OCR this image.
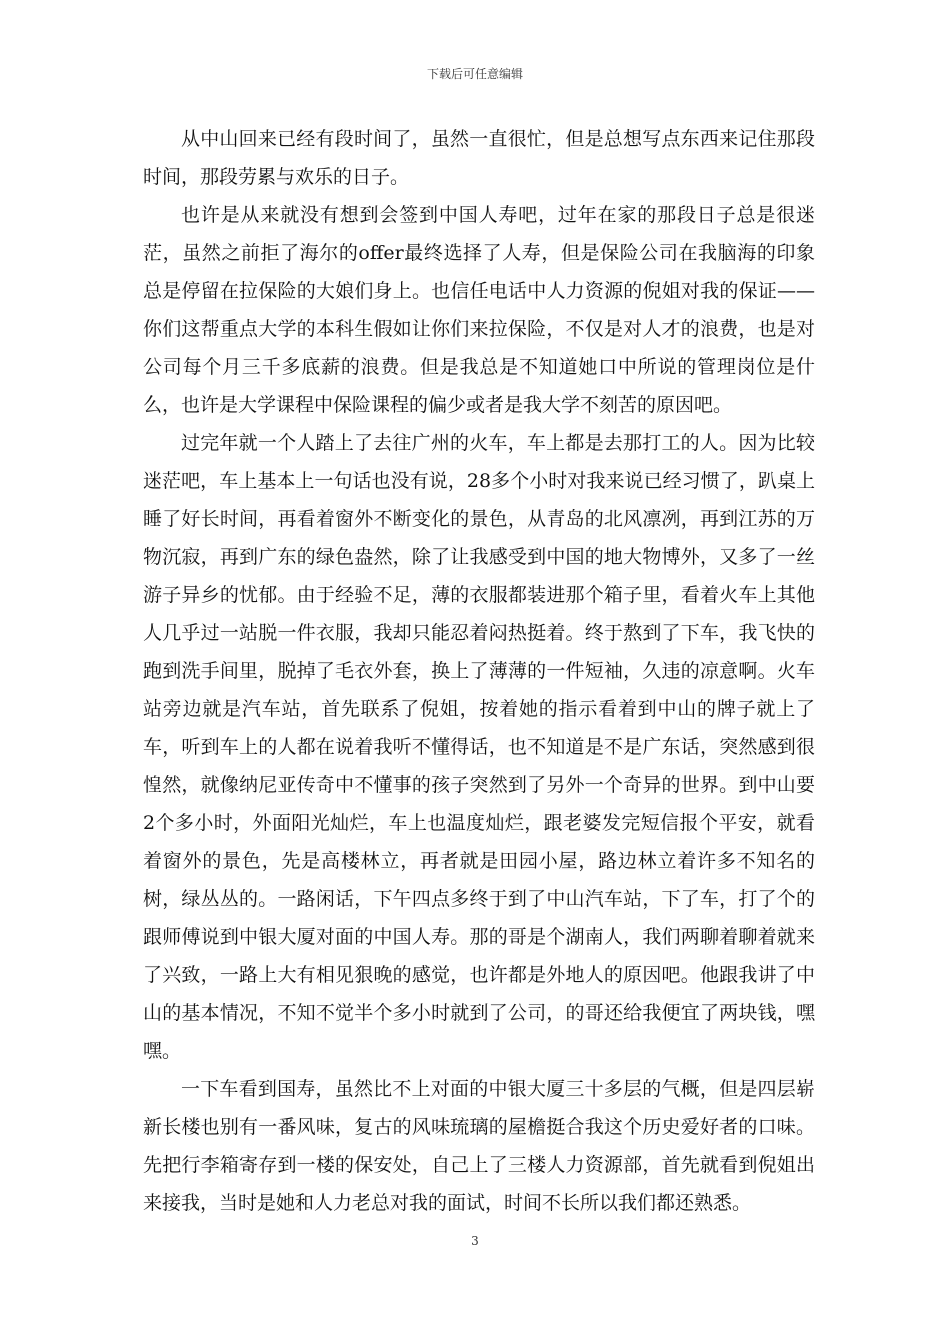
下载后可任意编辑

从中山回来已经有段时间了，虽然一直很忙，但是总想写点东西来记住那段时间，那段劳累与欢乐的日子。

也许是从来就没有想到会签到中国人寿吧，过年在家的那段日子总是很迷茫，虽然之前拒了海尔的offer最终选择了人寿，但是保险公司在我脑海的印象总是停留在拉保险的大娘们身上。也信任电话中人力资源的倪姐对我的保证——你们这帮重点大学的本科生假如让你们来拉保险，不仅是对人才的浪费，也是对公司每个月三千多底薪的浪费。但是我总是不知道她口中所说的管理岗位是什么，也许是大学课程中保险课程的偏少或者是我大学不刻苦的原因吧。

过完年就一个人踏上了去往广州的火车，车上都是去那打工的人。因为比较迷茫吧，车上基本上一句话也没有说，28多个小时对我来说已经习惯了，趴桌上睡了好长时间，再看着窗外不断变化的景色，从青岛的北风凛冽，再到江苏的万物沉寂，再到广东的绿色盎然，除了让我感受到中国的地大物博外，又多了一丝游子异乡的忧郁。由于经验不足，薄的衣服都装进那个箱子里，看着火车上其他人几乎过一站脱一件衣服，我却只能忍着闷热挺着。终于熬到了下车，我飞快的跑到洗手间里，脱掉了毛衣外套，换上了薄薄的一件短袖，久违的凉意啊。火车站旁边就是汽车站，首先联系了倪姐，按着她的指示看着到中山的牌子就上了车，听到车上的人都在说着我听不懂得话，也不知道是不是广东话，突然感到很惶然，就像纳尼亚传奇中不懂事的孩子突然到了另外一个奇异的世界。到中山要2个多小时，外面阳光灿烂，车上也温度灿烂，跟老婆发完短信报个平安，就看着窗外的景色，先是高楼林立，再者就是田园小屋，路边林立着许多不知名的树，绿丛丛的。一路闲话，下午四点多终于到了中山汽车站，下了车，打了个的跟师傅说到中银大厦对面的中国人寿。那的哥是个湖南人，我们两聊着聊着就来了兴致，一路上大有相见狠晚的感觉，也许都是外地人的原因吧。他跟我讲了中山的基本情况，不知不觉半个多小时就到了公司，的哥还给我便宜了两块钱，嘿嘿。

一下车看到国寿，虽然比不上对面的中银大厦三十多层的气概，但是四层崭新长楼也别有一番风味，复古的风味琉璃的屋檐挺合我这个历史爱好者的口味。先把行李箱寄存到一楼的保安处，自己上了三楼人力资源部，首先就看到倪姐出来接我，当时是她和人力老总对我的面试，时间不长所以我们都还熟悉。

3
